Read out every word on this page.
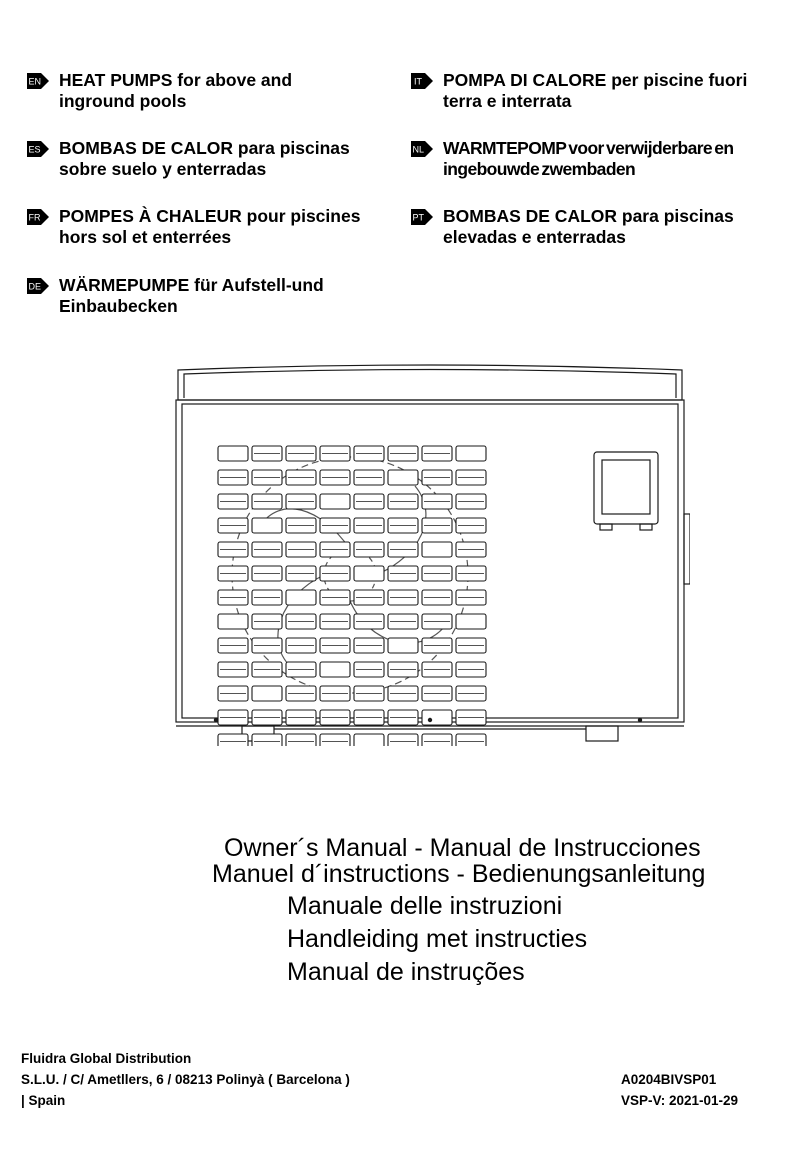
EN HEAT PUMPS for above and
inground pools
ES BOMBAS DE CALOR para piscinas
sobre suelo y enterradas
FR POMPES À CHALEUR pour piscines
hors sol et enterrées
DE WÄRMEPUMPE für Aufstell-und
Einbaubecken
IT POMPA DI CALORE per piscine fuori
terra e interrata
NL WARMTEPOMP voor verwijderbare en
ingebouwde zwembaden
PT BOMBAS DE CALOR para piscinas
elevadas e enterradas
Owner´s Manual - Manual de Instrucciones
Manuel d´instructions - Bedienungsanleitung
Manuale delle instruzioni
Handleiding met instructies
Manual de instruções
Fluidra Global Distribution
S.L.U. / C/ Ametllers, 6 / 08213 Polinyà ( Barcelona )
| Spain
A0204BIVSP01
VSP-V: 2021-01-29
